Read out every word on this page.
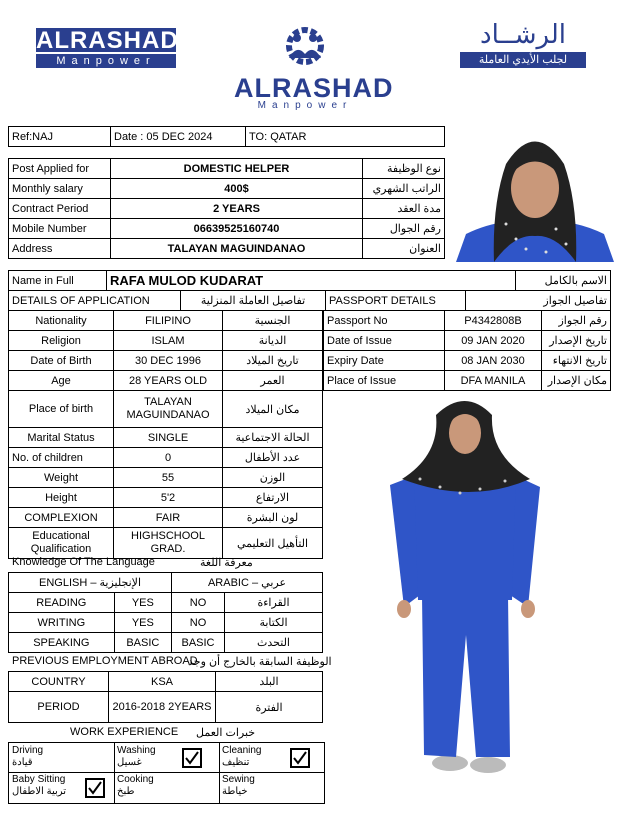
ALRASHAD
Manpower
ALRASHAD
Manpower
الرشــاد
لجلب الأيدي العاملة
Ref:NAJ	Date : 05 DEC 2024	TO: QATAR
Post Applied for	DOMESTIC HELPER	نوع الوظيفة
Monthly salary	400$	الراتب الشهري
Contract Period	2 YEARS	مدة العقد
Mobile Number	06639525160740	رقم الجوال
Address	TALAYAN MAGUINDANAO	العنوان
Name in Full	RAFA MULOD KUDARAT	الاسم بالكامل
DETAILS OF APPLICATION	تفاصيل العاملة المنزلية	PASSPORT DETAILS	تفاصيل الجواز
Nationality	FILIPINO	الجنسية
Religion	ISLAM	الديانة
Date of Birth	30 DEC 1996	تاريخ الميلاد
Age	28 YEARS OLD	العمر
Place of birth	TALAYAN MAGUINDANAO	مكان الميلاد
Marital Status	SINGLE	الحالة الاجتماعية
No. of children	0	عدد الأطفال
Weight	55	الوزن
Height	5'2	الارتفاع
COMPLEXION	FAIR	لون البشرة
Educational Qualification	HIGHSCHOOL GRAD.	التأهيل التعليمي
Passport No	P4342808B	رقم الجواز
Date of Issue	09 JAN 2020	تاريخ الإصدار
Expiry Date	08 JAN 2030	تاريخ الانتهاء
Place of Issue	DFA MANILA	مكان الإصدار
Knowledge Of The Language	معرفة اللغة
ENGLISH – الإنجليزية		ARABIC – عربي	
READING	YES	NO	القراءة
WRITING	YES	NO	الكتابة
SPEAKING	BASIC	BASIC	التحدث
PREVIOUS EMPLOYMENT ABROAD
الوظيفة السابقة بالخارج أن وجد
COUNTRY	KSA	البلد
PERIOD	2016-2018 2YEARS	الفترة
WORK EXPERIENCE خبرات العمل
Driving
قيادة
Washing
غسيل
Cleaning
تنظيف
Baby Sitting
تربية الاطفال
Cooking
طبخ
Sewing
خياطة
